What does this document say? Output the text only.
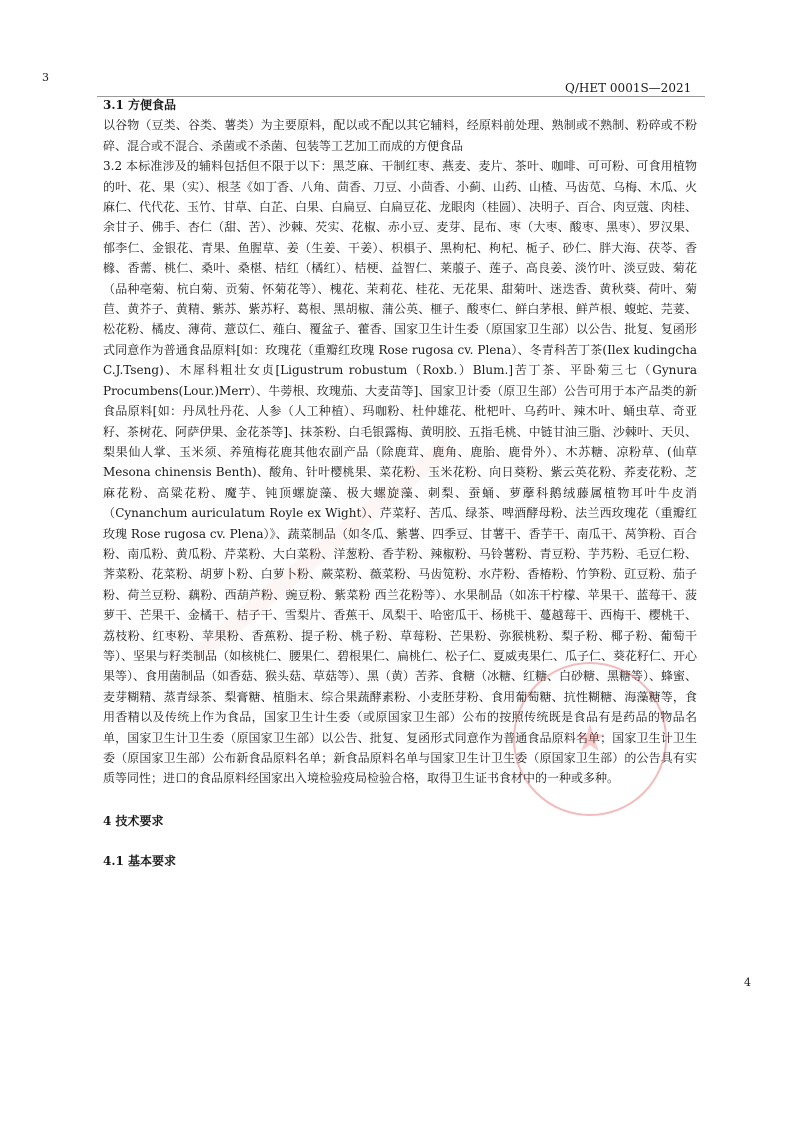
3
Q/HET 0001S—2021

3.1 方便食品

以谷物（豆类、谷类、薯类）为主要原料，配以或不配以其它辅料，经原料前处理、熟制或不熟制、粉碎或不粉碎、混合或不混合、杀菌或不杀菌、包装等工艺加工而成的方便食品

3.2 本标准涉及的辅料包括但不限于以下：黑芝麻、干制红枣、燕麦、麦片、茶叶、咖啡、可可粉、可食用植物的叶、花、果（实）、根茎《如丁香、八角、茴香、刀豆、小茴香、小蓟、山药、山楂、马齿苋、乌梅、木瓜、火麻仁、代代花、玉竹、甘草、白芷、白果、白扁豆、白扁豆花、龙眼肉（桂圆）、决明子、百合、肉豆蔻、肉桂、余甘子、佛手、杏仁（甜、苦）、沙棘、芡实、花椒、赤小豆、麦芽、昆布、枣（大枣、酸枣、黑枣）、罗汉果、郁李仁、金银花、青果、鱼腥草、姜（生姜、干姜）、枳椇子、黑枸杞、枸杞、栀子、砂仁、胖大海、茯苓、香橼、香薷、桃仁、桑叶、桑椹、桔红（橘红）、桔梗、益智仁、莱菔子、莲子、高良姜、淡竹叶、淡豆豉、菊花（品种亳菊、杭白菊、贡菊、怀菊花等）、槐花、茉莉花、桂花、无花果、甜菊叶、迷迭香、黄秋葵、荷叶、菊苣、黄芥子、黄精、紫苏、紫苏籽、葛根、黑胡椒、蒲公英、榧子、酸枣仁、鲜白茅根、鲜芦根、蝮蛇、芫荽、松花粉、橘皮、薄荷、薏苡仁、薤白、覆盆子、藿香、国家卫生计生委（原国家卫生部）以公告、批复、复函形式同意作为普通食品原料[如：玫瑰花（重瓣红玫瑰 Rose rugosa cv. Plena）、冬青科苦丁茶(Ilex kudingcha C.J.Tseng)、木犀科粗壮女贞[Ligustrum robustum（Roxb.）Blum.]苦丁茶、平卧菊三七（Gynura Procumbens(Lour.)Merr）、牛蒡根、玫瑰茄、大麦苗等]、国家卫计委（原卫生部）公告可用于本产品类的新食品原料[如：丹凤牡丹花、人参（人工种植）、玛咖粉、杜仲雄花、枇杷叶、乌药叶、辣木叶、蛹虫草、奇亚籽、茶树花、阿萨伊果、金花茶等]、抹茶粉、白毛银露梅、黄明胶、五指毛桃、中链甘油三脂、沙棘叶、天贝、梨果仙人掌、玉米须、养殖梅花鹿其他农副产品（除鹿茸、鹿角、鹿胎、鹿骨外）、木苏糖、凉粉草、(仙草　　Mesona chinensis Benth)、酸角、针叶樱桃果、菜花粉、玉米花粉、向日葵粉、紫云英花粉、荞麦花粉、芝麻花粉、高粱花粉、魔芋、钝顶螺旋藻、极大螺旋藻、刺梨、蚕蛹、萝藦科鹅绒藤属植物耳叶牛皮消（Cynanchum auriculatum Royle ex Wight）、芹菜籽、苦瓜、绿茶、啤酒酵母粉、法兰西玫瑰花（重瓣红玫瑰 Rose rugosa cv. Plena）》、蔬菜制品（如冬瓜、紫薯、四季豆、甘薯干、香芋干、南瓜干、莴笋粉、百合粉、南瓜粉、黄瓜粉、芹菜粉、大白菜粉、洋葱粉、香芋粉、辣椒粉、马铃薯粉、青豆粉、芋艿粉、毛豆仁粉、荠菜粉、花菜粉、胡萝卜粉、白萝卜粉、蕨菜粉、薇菜粉、马齿笕粉、水芹粉、香椿粉、竹笋粉、豇豆粉、茄子粉、荷兰豆粉、藕粉、西葫芦粉、豌豆粉、紫菜粉 西兰花粉等）、水果制品（如冻干柠檬、苹果干、蓝莓干、菠萝干、芒果干、金橘干、桔子干、雪梨片、香蕉干、凤梨干、哈密瓜干、杨桃干、蔓越莓干、西梅干、樱桃干、荔枝粉、红枣粉、苹果粉、香蕉粉、提子粉、桃子粉、草莓粉、芒果粉、弥猴桃粉、梨子粉、椰子粉、葡萄干等）、坚果与籽类制品（如核桃仁、腰果仁、碧根果仁、扁桃仁、松子仁、夏威夷果仁、瓜子仁、葵花籽仁、开心果等）、食用菌制品（如香菇、猴头菇、草菇等）、黑（黄）苦荞、食糖（冰糖、红糖、白砂糖、黑糖等）、蜂蜜、麦芽糊精、蒸青绿茶、梨膏糖、植脂末、综合果蔬酵素粉、小麦胚芽粉、食用葡萄糖、抗性糊糖、海藻糖等，食用香精以及传统上作为食品，国家卫生计生委（或原国家卫生部）公布的按照传统既是食品有是药品的物品名单，国家卫生计卫生委（原国家卫生部）以公告、批复、复函形式同意作为普通食品原料名单；国家卫生计卫生委（原国家卫生部）公布新食品原料名单；新食品原料名单与国家卫生计卫生委（原国家卫生部）的公告具有实质等同性；进口的食品原料经国家出入境检验疫局检验合格，取得卫生证书食材中的一种或多种。

4 技术要求

4.1 基本要求

4
